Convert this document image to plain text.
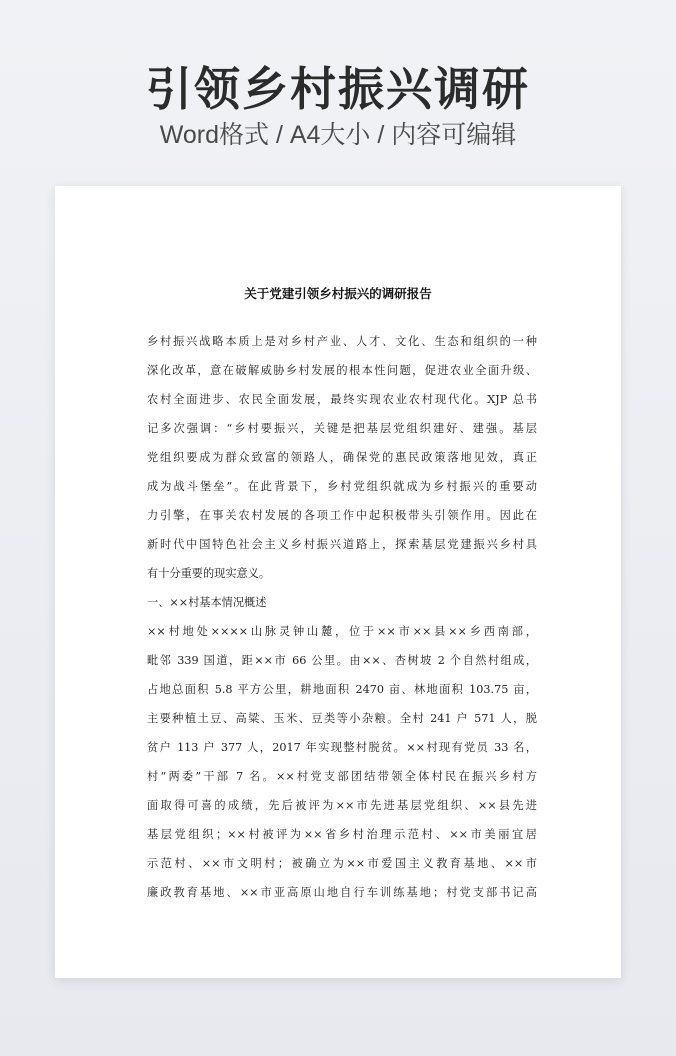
引领乡村振兴调研
Word格式 / A4大小 / 内容可编辑
关于党建引领乡村振兴的调研报告
乡村振兴战略本质上是对乡村产业、人才、文化、生态和组织的一种
深化改革，意在破解威胁乡村发展的根本性问题，促进农业全面升级、
农村全面进步、农民全面发展，最终实现农业农村现代化。XJP 总书
记多次强调：“乡村要振兴，关键是把基层党组织建好、建强。基层
党组织要成为群众致富的领路人，确保党的惠民政策落地见效，真正
成为战斗堡垒”。在此背景下，乡村党组织就成为乡村振兴的重要动
力引擎，在事关农村发展的各项工作中起积极带头引领作用。因此在
新时代中国特色社会主义乡村振兴道路上，探索基层党建振兴乡村具
有十分重要的现实意义。
一、××村基本情况概述
××村地处××××山脉灵钟山麓，位于××市××县××乡西南部，
毗邻 339 国道，距××市 66 公里。由××、杏树坡 2 个自然村组成，
占地总面积 5.8 平方公里，耕地面积 2470 亩、林地面积 103.75 亩，
主要种植土豆、高粱、玉米、豆类等小杂粮。全村 241 户 571 人，脱
贫户 113 户 377 人，2017 年实现整村脱贫。××村现有党员 33 名，
村“两委”干部 7 名。××村党支部团结带领全体村民在振兴乡村方
面取得可喜的成绩，先后被评为××市先进基层党组织、××县先进
基层党组织；××村被评为××省乡村治理示范村、××市美丽宜居
示范村、××市文明村；被确立为××市爱国主义教育基地、××市
廉政教育基地、××市亚高原山地自行车训练基地；村党支部书记高
